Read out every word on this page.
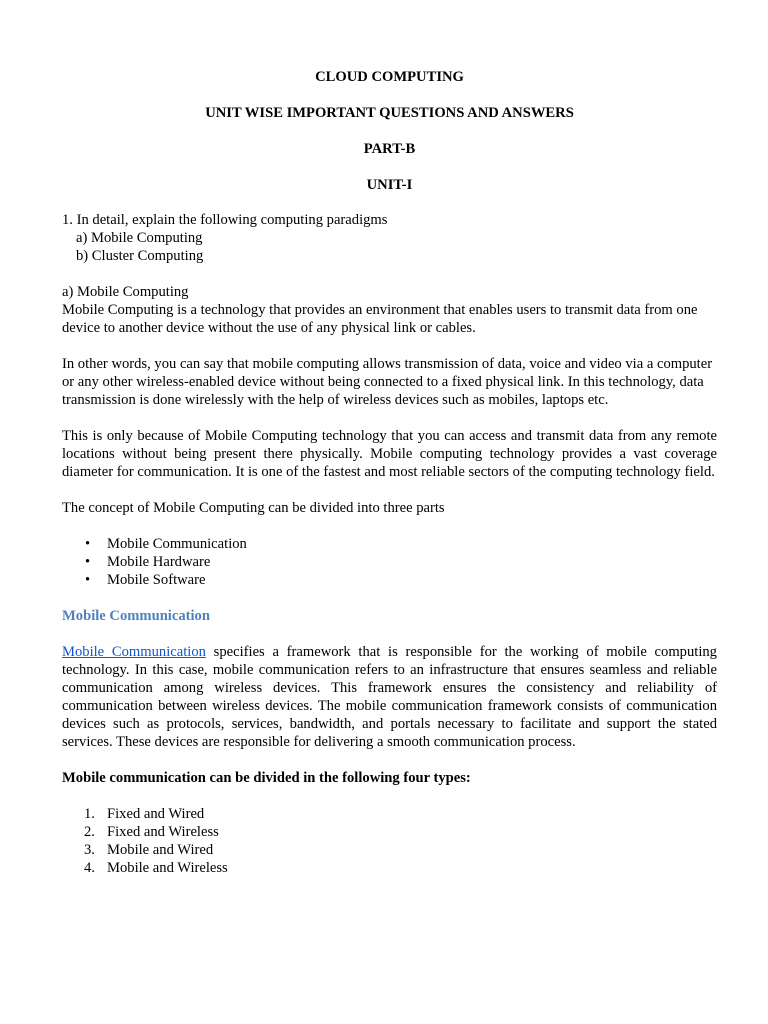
CLOUD COMPUTING
UNIT WISE IMPORTANT QUESTIONS AND ANSWERS
PART-B
UNIT-I

1. In detail, explain the following computing paradigms

a) Mobile Computing

b) Cluster Computing

a) Mobile Computing

Mobile Computing is a technology that provides an environment that enables users to transmit data from one device to another device without the use of any physical link or cables.

In other words, you can say that mobile computing allows transmission of data, voice and video via a computer or any other wireless-enabled device without being connected to a fixed physical link. In this technology, data transmission is done wirelessly with the help of wireless devices such as mobiles, laptops etc.

This is only because of Mobile Computing technology that you can access and transmit data from any remote locations without being present there physically. Mobile computing technology provides a vast coverage diameter for communication. It is one of the fastest and most reliable sectors of the computing technology field.

The concept of Mobile Computing can be divided into three parts

• Mobile Communication
• Mobile Hardware
• Mobile Software
Mobile Communication

Mobile Communication specifies a framework that is responsible for the working of mobile computing technology. In this case, mobile communication refers to an infrastructure that ensures seamless and reliable communication among wireless devices. This framework ensures the consistency and reliability of communication between wireless devices. The mobile communication framework consists of communication devices such as protocols, services, bandwidth, and portals necessary to facilitate and support the stated services. These devices are responsible for delivering a smooth communication process.

Mobile communication can be divided in the following four types:

1. Fixed and Wired
2. Fixed and Wireless
3. Mobile and Wired
4. Mobile and Wireless
